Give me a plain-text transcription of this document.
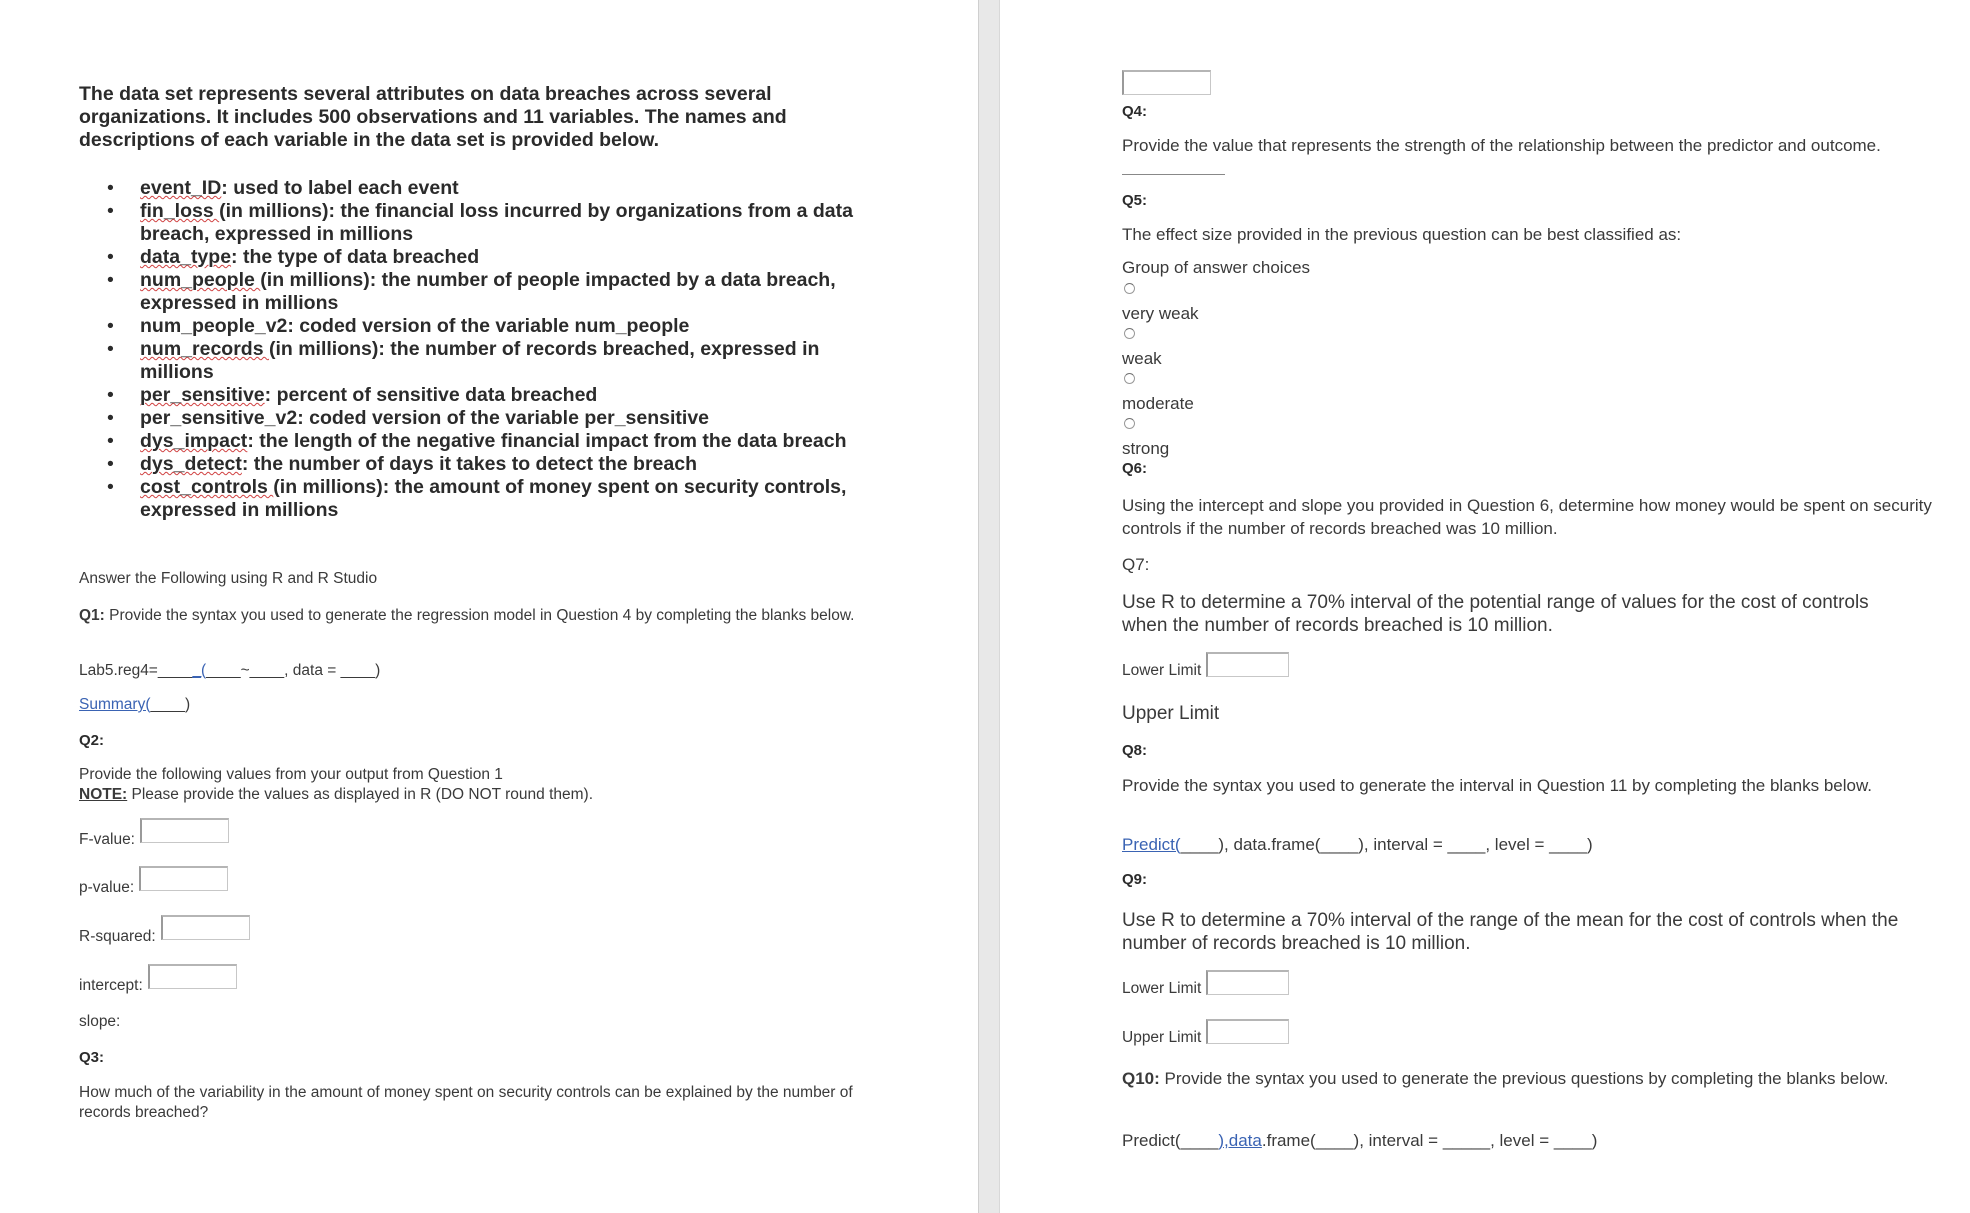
The data set represents several attributes on data breaches across several organizations. It includes 500 observations and 11 variables. The names and descriptions of each variable in the data set is provided below.
• event_ID: used to label each event
• fin_loss (in millions): the financial loss incurred by organizations from a data breach, expressed in millions
• data_type: the type of data breached
• num_people (in millions): the number of people impacted by a data breach, expressed in millions
• num_people_v2: coded version of the variable num_people
• num_records (in millions): the number of records breached, expressed in millions
• per_sensitive: percent of sensitive data breached
• per_sensitive_v2: coded version of the variable per_sensitive
• dys_impact: the length of the negative financial impact from the data breach
• dys_detect: the number of days it takes to detect the breach
• cost_controls (in millions): the amount of money spent on security controls, expressed in millions
Answer the Following using R and R Studio
Q1: Provide the syntax you used to generate the regression model in Question 4 by completing the blanks below.
Lab5.reg4=_____(____~____, data = ____)
Summary(____)
Q2:
Provide the following values from your output from Question 1
NOTE: Please provide the values as displayed in R (DO NOT round them).
F-value:
p-value:
R-squared:
intercept:
slope:
Q3:
How much of the variability in the amount of money spent on security controls can be explained by the number of records breached?
Q4:
Provide the value that represents the strength of the relationship between the predictor and outcome.
Q5:
The effect size provided in the previous question can be best classified as:
Group of answer choices
very weak
weak
moderate
strong
Q6:
Using the intercept and slope you provided in Question 6, determine how money would be spent on security controls if the number of records breached was 10 million.
Q7:
Use R to determine a 70% interval of the potential range of values for the cost of controls when the number of records breached is 10 million.
Lower Limit
Upper Limit
Q8:
Provide the syntax you used to generate the interval in Question 11 by completing the blanks below.
Predict(____), data.frame(____), interval = ____, level = ____)
Q9:
Use R to determine a 70% interval of the range of the mean for the cost of controls when the number of records breached is 10 million.
Lower Limit
Upper Limit
Q10: Provide the syntax you used to generate the previous questions by completing the blanks below.
Predict(____),data.frame(____), interval = _____, level = ____)
